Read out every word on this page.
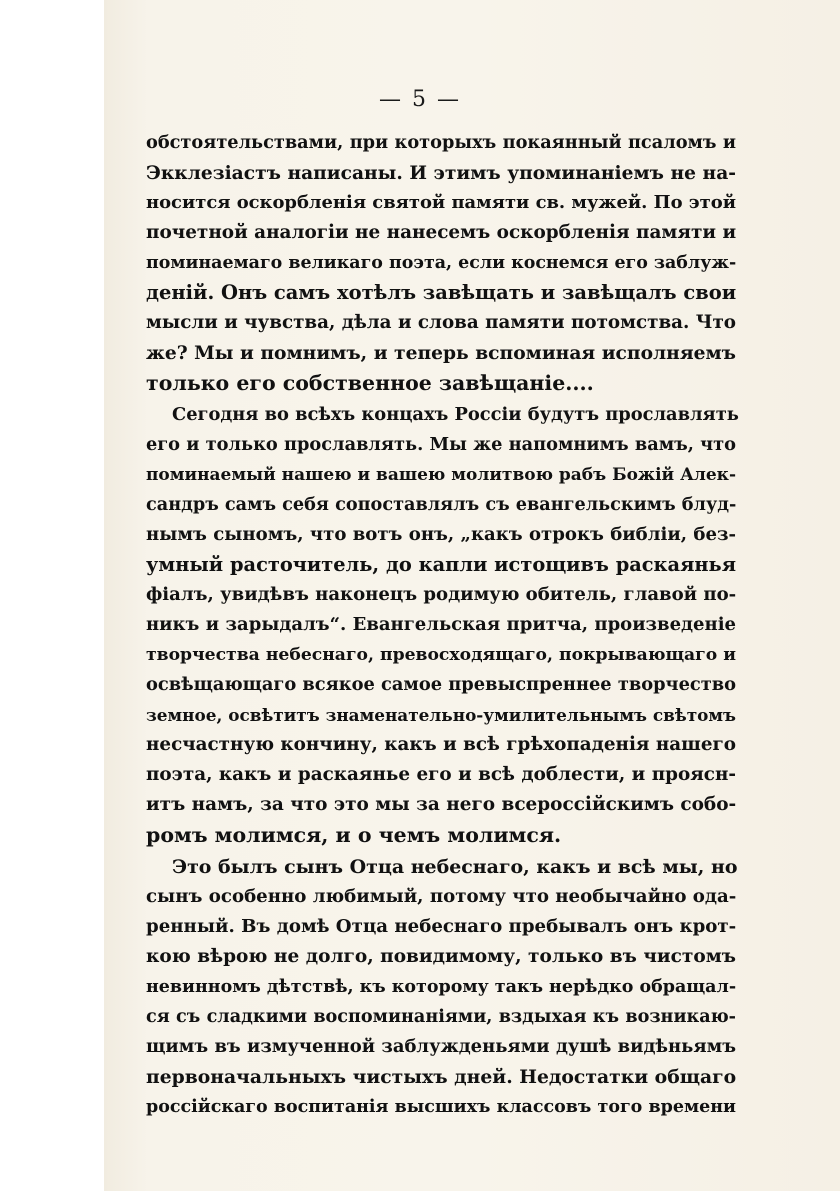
— 5 —
обстоятельствами, при которыхъ покаянный псаломъ и
Экклезіастъ написаны. И этимъ упоминаніемъ не на-
носится оскорбленія святой памяти св. мужей. По этой
почетной аналогіи не нанесемъ оскорбленія памяти и
поминаемаго великаго поэта, если коснемся его заблуж-
деній. Онъ самъ хотѣлъ завѣщать и завѣщалъ свои
мысли и чувства, дѣла и слова памяти потомства. Что
же? Мы и помнимъ, и теперь вспоминая исполняемъ
только его собственное завѣщаніе....
Сегодня во всѣхъ концахъ Россіи будутъ прославлять
его и только прославлять. Мы же напомнимъ вамъ, что
поминаемый нашею и вашею молитвою рабъ Божій Алек-
сандръ самъ себя сопоставлялъ съ евангельскимъ блуд-
нымъ сыномъ, что вотъ онъ, „какъ отрокъ библіи, без-
умный расточитель, до капли истощивъ раскаянья
фіалъ, увидѣвъ наконецъ родимую обитель, главой по-
никъ и зарыдалъ“. Евангельская притча, произведеніе
творчества небеснаго, превосходящаго, покрывающаго и
освѣщающаго всякое самое превыспреннее творчество
земное, освѣтитъ знаменательно-умилительнымъ свѣтомъ
несчастную кончину, какъ и всѣ грѣхопаденія нашего
поэта, какъ и раскаянье его и всѣ доблести, и проясн-
итъ намъ, за что это мы за него всероссійскимъ собо-
ромъ молимся, и о чемъ молимся.
Это былъ сынъ Отца небеснаго, какъ и всѣ мы, но
сынъ особенно любимый, потому что необычайно ода-
ренный. Въ домѣ Отца небеснаго пребывалъ онъ крот-
кою вѣрою не долго, повидимому, только въ чистомъ
невинномъ дѣтствѣ, къ которому такъ нерѣдко обращал-
ся съ сладкими воспоминаніями, вздыхая къ возникаю-
щимъ въ измученной заблужденьями душѣ видѣньямъ
первоначальныхъ чистыхъ дней. Недостатки общаго
россійскаго воспитанія высшихъ классовъ того времени
